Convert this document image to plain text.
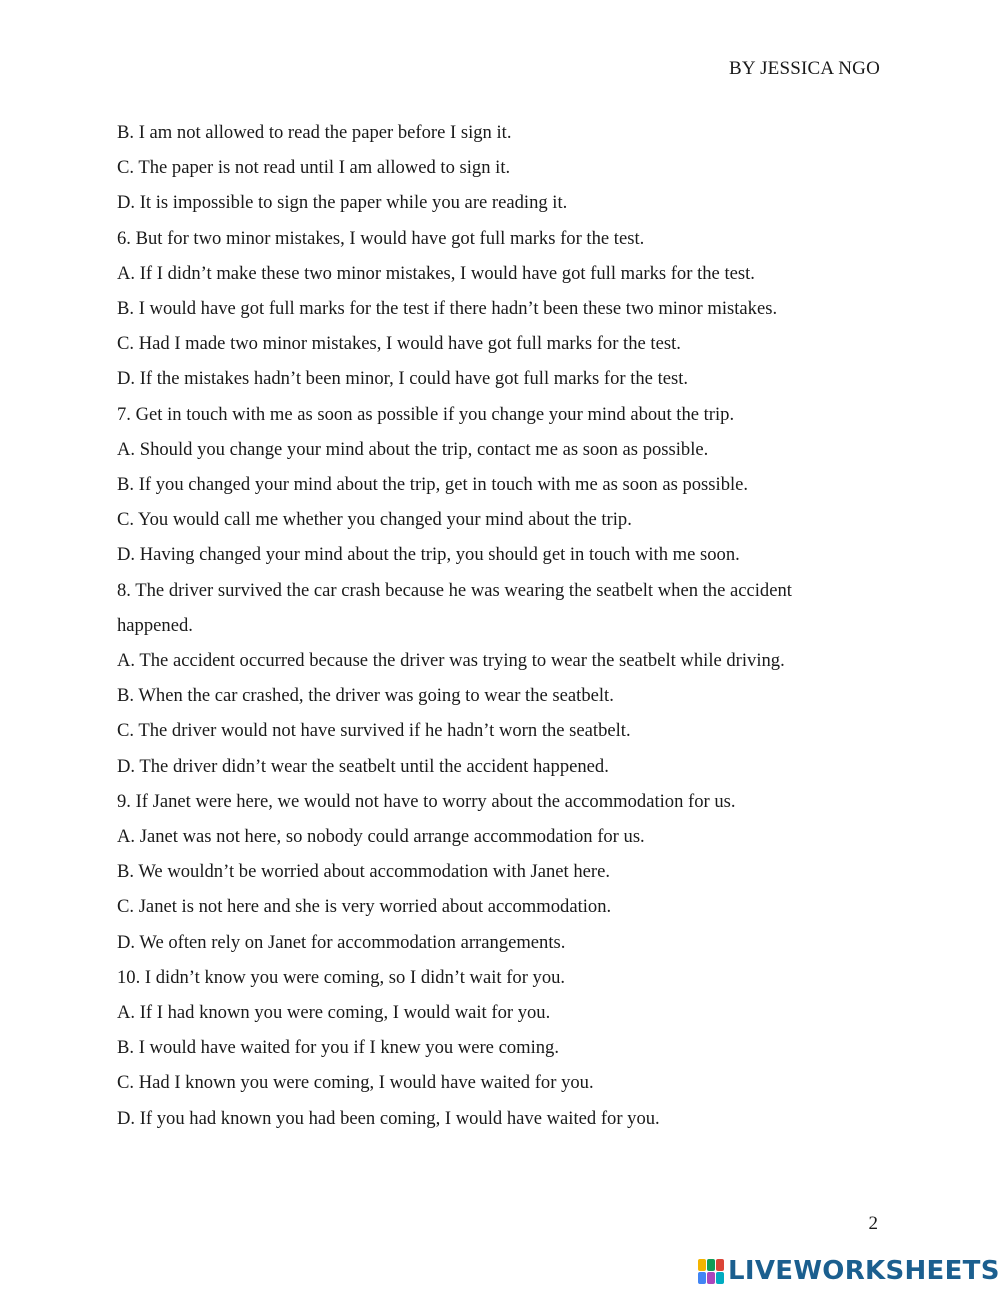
BY JESSICA NGO
B. I am not allowed to read the paper before I sign it.
C. The paper is not read until I am allowed to sign it.
D. It is impossible to sign the paper while you are reading it.
6. But for two minor mistakes, I would have got full marks for the test.
A. If I didn’t make these two minor mistakes, I would have got full marks for the test.
B. I would have got full marks for the test if there hadn’t been these two minor mistakes.
C. Had I made two minor mistakes, I would have got full marks for the test.
D. If the mistakes hadn’t been minor, I could have got full marks for the test.
7. Get in touch with me as soon as possible if you change your mind about the trip.
A. Should you change your mind about the trip, contact me as soon as possible.
B. If you changed your mind about the trip, get in touch with me as soon as possible.
C. You would call me whether you changed your mind about the trip.
D. Having changed your mind about the trip, you should get in touch with me soon.
8. The driver survived the car crash because he was wearing the seatbelt when the accident
happened.
A. The accident occurred because the driver was trying to wear the seatbelt while driving.
B. When the car crashed, the driver was going to wear the seatbelt.
C. The driver would not have survived if he hadn’t worn the seatbelt.
D. The driver didn’t wear the seatbelt until the accident happened.
9. If Janet were here, we would not have to worry about the accommodation for us.
A. Janet was not here, so nobody could arrange accommodation for us.
B. We wouldn’t be worried about accommodation with Janet here.
C. Janet is not here and she is very worried about accommodation.
D. We often rely on Janet for accommodation arrangements.
10. I didn’t know you were coming, so I didn’t wait for you.
A. If I had known you were coming, I would wait for you.
B. I would have waited for you if I knew you were coming.
C. Had I known you were coming, I would have waited for you.
D. If you had known you had been coming, I would have waited for you.
2
LIVEWORKSHEETS
